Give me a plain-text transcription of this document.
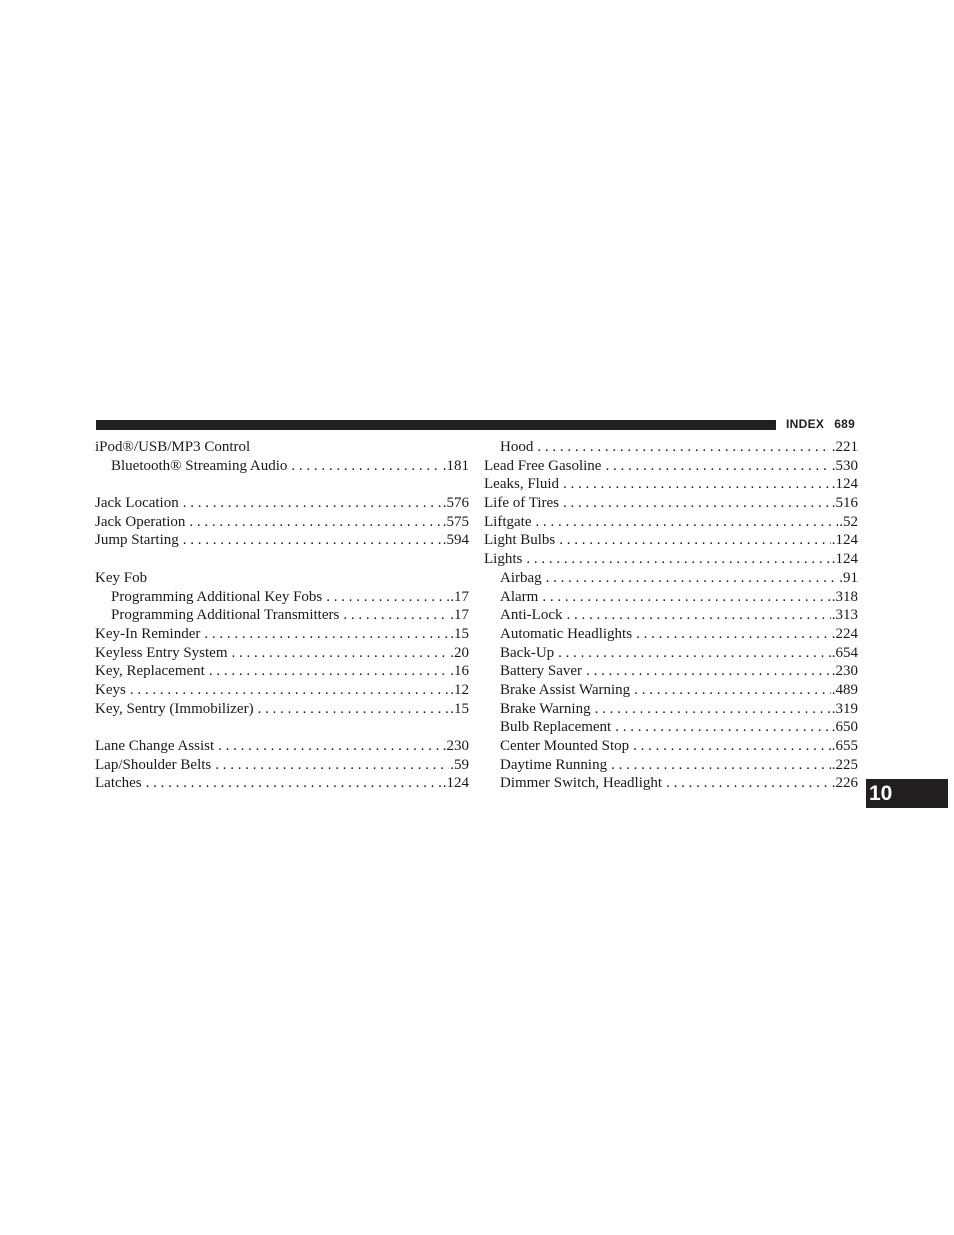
INDEX 689
iPod®/USB/MP3 Control
Bluetooth® Streaming Audio . . .	.181
Jack Location . . .	.576
Jack Operation . . .	.575
Jump Starting . . .	.594
Key Fob
Programming Additional Key Fobs . . .	.17
Programming Additional Transmitters . . .	.17
Key-In Reminder . . .	.15
Keyless Entry System . . .	.20
Key, Replacement . . .	.16
Keys . . .	.12
Key, Sentry (Immobilizer) . . .	.15
Lane Change Assist . . .	.230
Lap/Shoulder Belts . . .	.59
Latches . . .	.124
Hood . . .	.221
Lead Free Gasoline . . .	.530
Leaks, Fluid . . .	.124
Life of Tires . . .	.516
Liftgate . . .	.52
Light Bulbs . . .	.124
Lights . . .	.124
Airbag . . .	.91
Alarm . . .	.318
Anti-Lock . . .	.313
Automatic Headlights . . .	.224
Back-Up . . .	.654
Battery Saver . . .	.230
Brake Assist Warning . . .	.489
Brake Warning . . .	.319
Bulb Replacement . . .	.650
Center Mounted Stop . . .	.655
Daytime Running . . .	.225
Dimmer Switch, Headlight . . .	.226 10
